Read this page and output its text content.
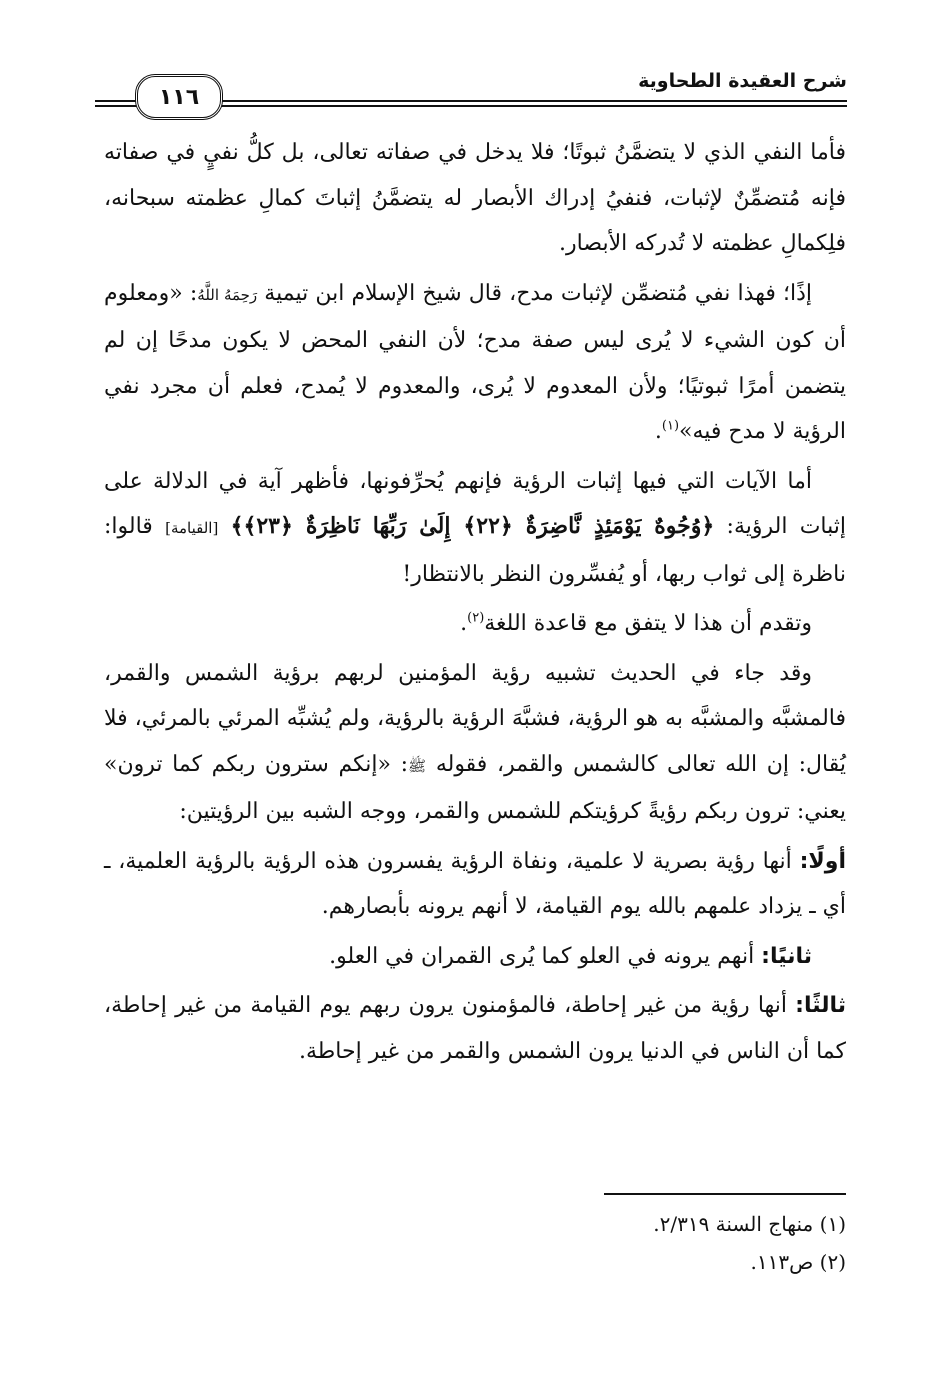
شرح العقيدة الطحاوية
١١٦

فأما النفي الذي لا يتضمَّنُ ثبوتًا؛ فلا يدخل في صفاته تعالى، بل كلُّ نفيٍ في صفاته فإنه مُتضمِّنٌ لإثبات، فنفيُ إدراك الأبصار له يتضمَّنُ إثباتَ كمالِ عظمته سبحانه، فلِكمالِ عظمته لا تُدركه الأبصار.

إذًا؛ فهذا نفي مُتضمِّن لإثبات مدح، قال شيخ الإسلام ابن تيمية رَحِمَهُ اللَّهُ: «ومعلوم أن كون الشيء لا يُرى ليس صفة مدح؛ لأن النفي المحض لا يكون مدحًا إن لم يتضمن أمرًا ثبوتيًا؛ ولأن المعدوم لا يُرى، والمعدوم لا يُمدح، فعلم أن مجرد نفي الرؤية لا مدح فيه»$^{(١)}$.

أما الآيات التي فيها إثبات الرؤية فإنهم يُحرِّفونها، فأظهر آية في الدلالة على إثبات الرؤية: ﴿وُجُوهٌ يَوْمَئِذٍ نَّاضِرَةٌ ﴿٢٢﴾ إِلَىٰ رَبِّهَا نَاظِرَةٌ ﴿٢٣﴾﴾ [القيامة] قالوا: ناظرة إلى ثواب ربها، أو يُفسِّرون النظر بالانتظار!

وتقدم أن هذا لا يتفق مع قاعدة اللغة$^{(٢)}$.

وقد جاء في الحديث تشبيه رؤية المؤمنين لربهم برؤية الشمس والقمر، فالمشبَّه والمشبَّه به هو الرؤية، فشبَّهَ الرؤية بالرؤية، ولم يُشبِّه المرئي بالمرئي، فلا يُقال: إن الله تعالى كالشمس والقمر، فقوله ﷺ: «إنكم سترون ربكم كما ترون» يعني: ترون ربكم رؤيةً كرؤيتكم للشمس والقمر، ووجه الشبه بين الرؤيتين:

أولًا: أنها رؤية بصرية لا علمية، ونفاة الرؤية يفسرون هذه الرؤية بالرؤية العلمية، ـ أي ـ يزداد علمهم بالله يوم القيامة، لا أنهم يرونه بأبصارهم.

ثانيًا: أنهم يرونه في العلو كما يُرى القمران في العلو.

ثالثًا: أنها رؤية من غير إحاطة، فالمؤمنون يرون ربهم يوم القيامة من غير إحاطة، كما أن الناس في الدنيا يرون الشمس والقمر من غير إحاطة.

(١) منهاج السنة ٢/٣١٩.
(٢) ص١١٣.
